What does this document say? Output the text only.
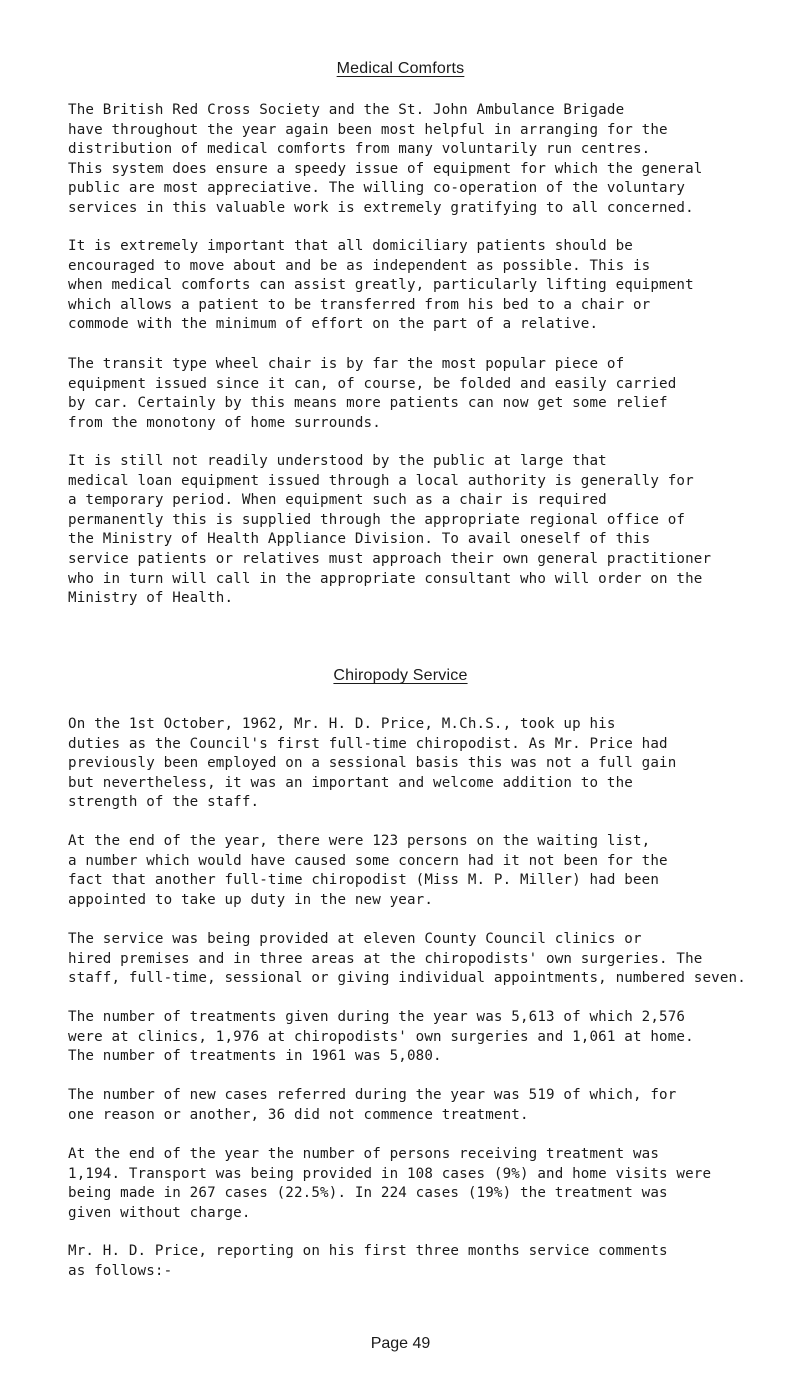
Medical Comforts
The British Red Cross Society and the St. John Ambulance Brigade
have throughout the year again been most helpful in arranging for the
distribution of medical comforts from many voluntarily run centres.
This system does ensure a speedy issue of equipment for which the general
public are most appreciative. The willing co-operation of the voluntary
services in this valuable work is extremely gratifying to all concerned.
It is extremely important that all domiciliary patients should be
encouraged to move about and be as independent as possible. This is
when medical comforts can assist greatly, particularly lifting equipment
which allows a patient to be transferred from his bed to a chair or
commode with the minimum of effort on the part of a relative.
The transit type wheel chair is by far the most popular piece of
equipment issued since it can, of course, be folded and easily carried
by car. Certainly by this means more patients can now get some relief
from the monotony of home surrounds.
It is still not readily understood by the public at large that
medical loan equipment issued through a local authority is generally for
a temporary period. When equipment such as a chair is required
permanently this is supplied through the appropriate regional office of
the Ministry of Health Appliance Division. To avail oneself of this
service patients or relatives must approach their own general practitioner
who in turn will call in the appropriate consultant who will order on the
Ministry of Health.
Chiropody Service
On the 1st October, 1962, Mr. H. D. Price, M.Ch.S., took up his
duties as the Council's first full-time chiropodist. As Mr. Price had
previously been employed on a sessional basis this was not a full gain
but nevertheless, it was an important and welcome addition to the
strength of the staff.
At the end of the year, there were 123 persons on the waiting list,
a number which would have caused some concern had it not been for the
fact that another full-time chiropodist (Miss M. P. Miller) had been
appointed to take up duty in the new year.
The service was being provided at eleven County Council clinics or
hired premises and in three areas at the chiropodists' own surgeries. The
staff, full-time, sessional or giving individual appointments, numbered seven.
The number of treatments given during the year was 5,613 of which 2,576
were at clinics, 1,976 at chiropodists' own surgeries and 1,061 at home.
The number of treatments in 1961 was 5,080.
The number of new cases referred during the year was 519 of which, for
one reason or another, 36 did not commence treatment.
At the end of the year the number of persons receiving treatment was
1,194. Transport was being provided in 108 cases (9%) and home visits were
being made in 267 cases (22.5%). In 224 cases (19%) the treatment was
given without charge.
Mr. H. D. Price, reporting on his first three months service comments
as follows:-
Page 49
